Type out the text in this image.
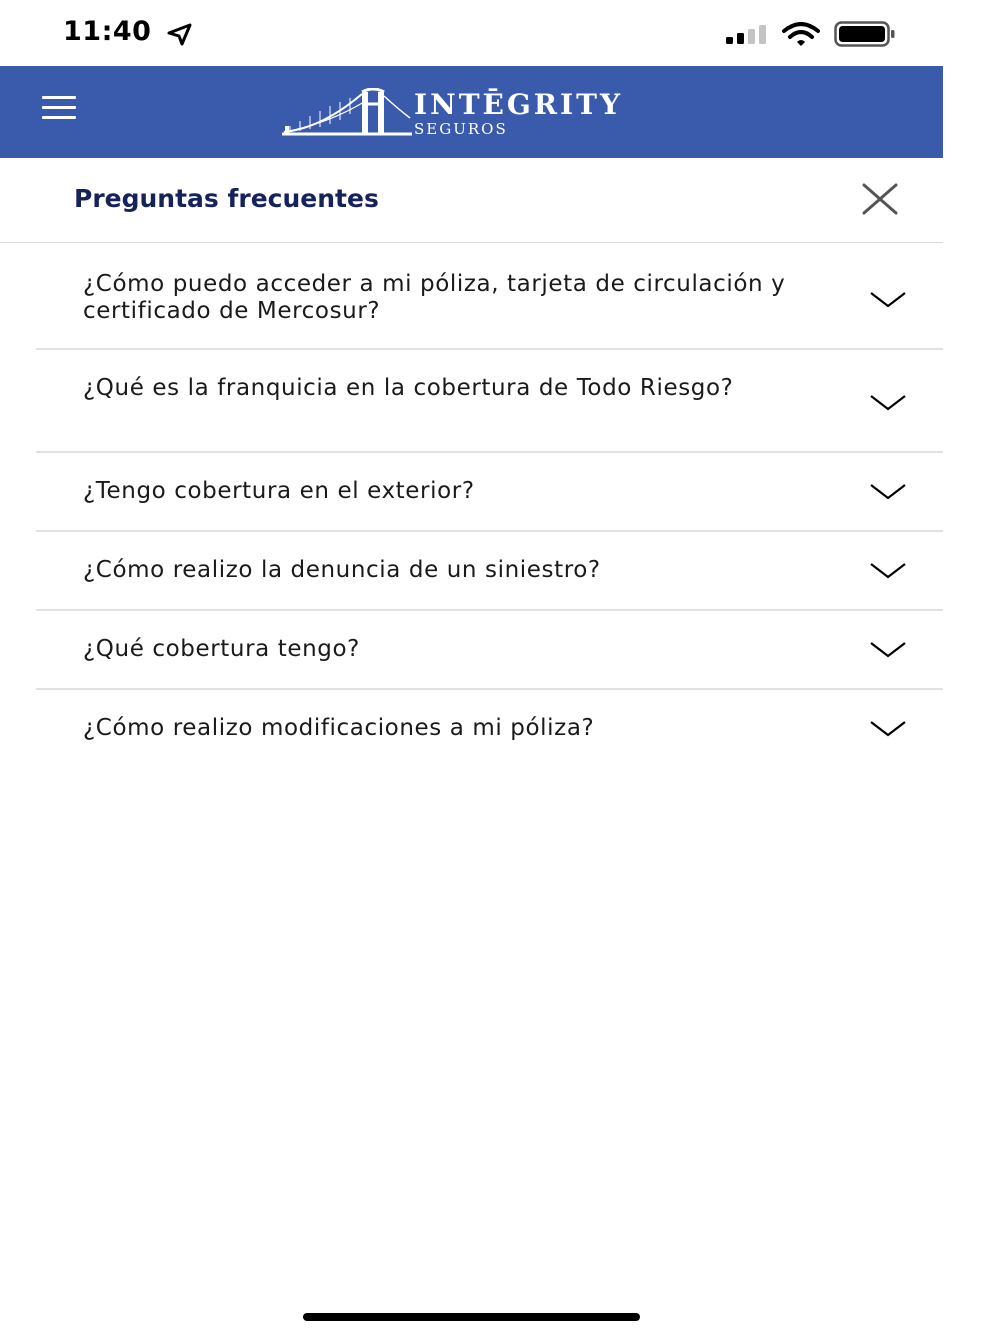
11:40
INTĒGRITY
SEGUROS
Preguntas frecuentes
¿Cómo puedo acceder a mi póliza, tarjeta de circulación y certificado de Mercosur?
¿Qué es la franquicia en la cobertura de Todo Riesgo?
¿Tengo cobertura en el exterior?
¿Cómo realizo la denuncia de un siniestro?
¿Qué cobertura tengo?
¿Cómo realizo modificaciones a mi póliza?
